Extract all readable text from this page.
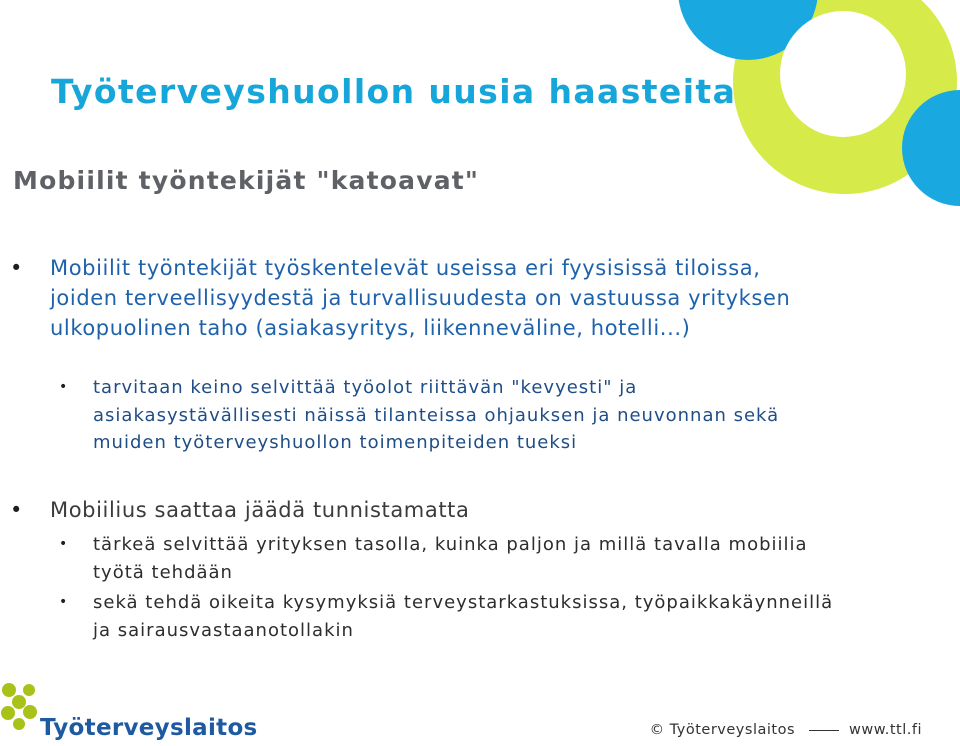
Työterveyshuollon uusia haasteita
Mobiilit työntekijät "katoavat"
• Mobiilit työntekijät työskentelevät useissa eri fyysisissä tiloissa, joiden terveellisyydestä ja turvallisuudesta on vastuussa yrityksen ulkopuolinen taho (asiakasyritys, liikenneväline, hotelli...)
• tarvitaan keino selvittää työolot riittävän "kevyesti" ja asiakasystävällisesti näissä tilanteissa ohjauksen ja neuvonnan sekä muiden työterveyshuollon toimenpiteiden tueksi
• Mobiilius saattaa jäädä tunnistamatta
• tärkeä selvittää yrityksen tasolla, kuinka paljon ja millä tavalla mobiilia työtä tehdään
• sekä tehdä oikeita kysymyksiä terveystarkastuksissa, työpaikkakäynneillä ja sairausvastaanotollakin
Työterveyslaitos	© Työterveyslaitos	www.ttl.fi
